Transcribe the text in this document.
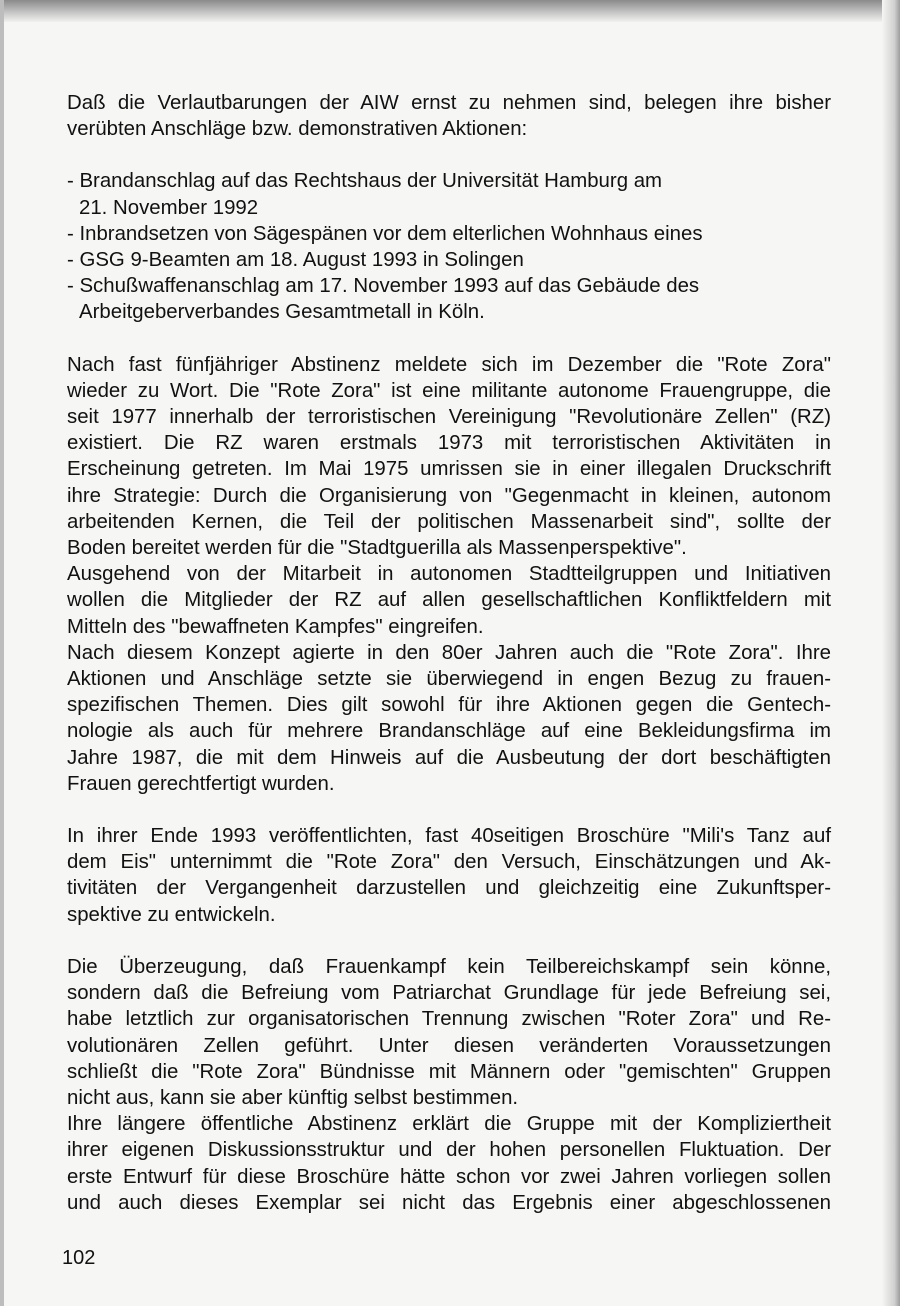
Daß die Verlautbarungen der AIW ernst zu nehmen sind, belegen ihre bisher
verübten Anschläge bzw. demonstrativen Aktionen:

- Brandanschlag auf das Rechtshaus der Universität Hamburg am
21. November 1992
- Inbrandsetzen von Sägespänen vor dem elterlichen Wohnhaus eines
- GSG 9-Beamten am 18. August 1993 in Solingen
- Schußwaffenanschlag am 17. November 1993 auf das Gebäude des
Arbeitgeberverbandes Gesamtmetall in Köln.

Nach fast fünfjähriger Abstinenz meldete sich im Dezember die "Rote Zora"
wieder zu Wort. Die "Rote Zora" ist eine militante autonome Frauengruppe, die
seit 1977 innerhalb der terroristischen Vereinigung "Revolutionäre Zellen" (RZ)
existiert. Die RZ waren erstmals 1973 mit terroristischen Aktivitäten in
Erscheinung getreten. Im Mai 1975 umrissen sie in einer illegalen Druckschrift
ihre Strategie: Durch die Organisierung von "Gegenmacht in kleinen, autonom
arbeitenden Kernen, die Teil der politischen Massenarbeit sind", sollte der
Boden bereitet werden für die "Stadtguerilla als Massenperspektive".
Ausgehend von der Mitarbeit in autonomen Stadtteilgruppen und Initiativen
wollen die Mitglieder der RZ auf allen gesellschaftlichen Konfliktfeldern mit
Mitteln des "bewaffneten Kampfes" eingreifen.
Nach diesem Konzept agierte in den 80er Jahren auch die "Rote Zora". Ihre
Aktionen und Anschläge setzte sie überwiegend in engen Bezug zu frauen-
spezifischen Themen. Dies gilt sowohl für ihre Aktionen gegen die Gentech-
nologie als auch für mehrere Brandanschläge auf eine Bekleidungsfirma im
Jahre 1987, die mit dem Hinweis auf die Ausbeutung der dort beschäftigten
Frauen gerechtfertigt wurden.

In ihrer Ende 1993 veröffentlichten, fast 40seitigen Broschüre "Mili's Tanz auf
dem Eis" unternimmt die "Rote Zora" den Versuch, Einschätzungen und Ak-
tivitäten der Vergangenheit darzustellen und gleichzeitig eine Zukunftsper-
spektive zu entwickeln.

Die Überzeugung, daß Frauenkampf kein Teilbereichskampf sein könne,
sondern daß die Befreiung vom Patriarchat Grundlage für jede Befreiung sei,
habe letztlich zur organisatorischen Trennung zwischen "Roter Zora" und Re-
volutionären Zellen geführt. Unter diesen veränderten Voraussetzungen
schließt die "Rote Zora" Bündnisse mit Männern oder "gemischten" Gruppen
nicht aus, kann sie aber künftig selbst bestimmen.
Ihre längere öffentliche Abstinenz erklärt die Gruppe mit der Kompliziertheit
ihrer eigenen Diskussionsstruktur und der hohen personellen Fluktuation. Der
erste Entwurf für diese Broschüre hätte schon vor zwei Jahren vorliegen sollen
und auch dieses Exemplar sei nicht das Ergebnis einer abgeschlossenen

102
